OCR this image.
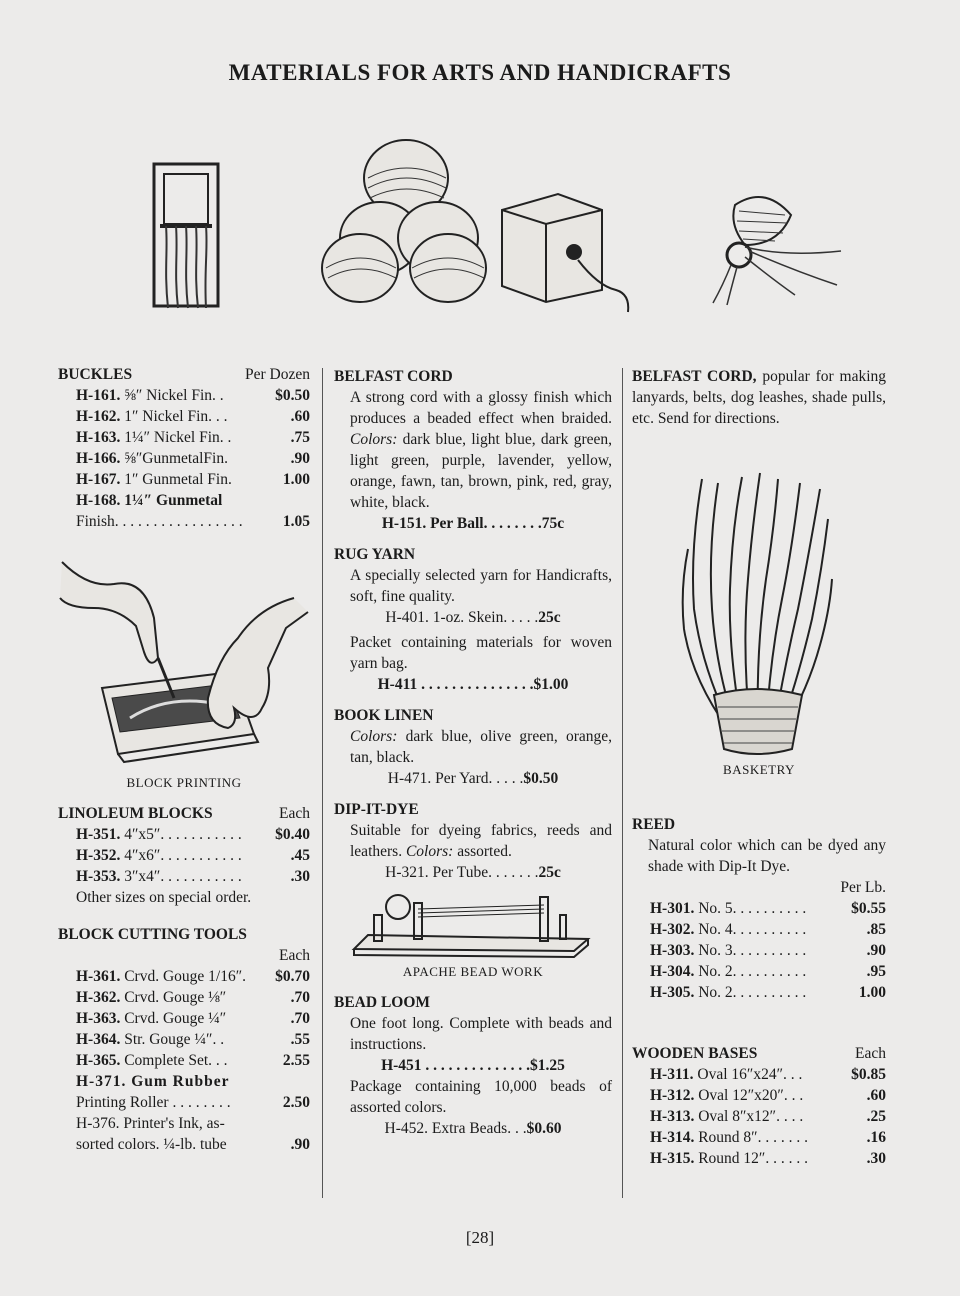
MATERIALS FOR ARTS AND HANDICRAFTS
BUCKLES	Per Dozen
H-161. ⅝″ Nickel Fin. .	$0.50
H-162. 1″ Nickel Fin. . .	.60
H-163. 1¼″ Nickel Fin. .	.75
H-166. ⅝″GunmetalFin.	.90
H-167. 1″ Gunmetal Fin.	1.00
H-168. 1¼″ Gunmetal
Finish. . . . . . . . . . . . . . . . .	1.05
BLOCK PRINTING
LINOLEUM BLOCKS	Each
H-351. 4″x5″. . . . . . . . . . . $0.40
H-352. 4″x6″. . . . . . . . . . .	.45
H-353. 3″x4″. . . . . . . . . . .	.30
Other sizes on special order.
BLOCK CUTTING TOOLS
Each
H-361. Crvd. Gouge 1/16″. $0.70
H-362. Crvd. Gouge ⅛″	.70
H-363. Crvd. Gouge ¼″	.70
H-364. Str. Gouge ¼″. .	.55
H-365. Complete Set. . .	2.55
H-371. Gum Rubber
Printing Roller . . . . . . . .	2.50
H-376. Printer's Ink, as-
sorted colors. ¼-lb. tube	.90
BELFAST CORD
A strong cord with a glossy finish which produces a beaded effect when braided. Colors: dark blue, light blue, dark green, light green, purple, lavender, yellow, orange, fawn, tan, brown, pink, red, gray, white, black.
H-151. Per Ball. . . . . . . .75c
RUG YARN
A specially selected yarn for Handicrafts, soft, fine quality.
H-401. 1-oz. Skein. . . . .25c
Packet containing materials for woven yarn bag.
H-411 . . . . . . . . . . . . . . .$1.00
BOOK LINEN
Colors: dark blue, olive green, orange, tan, black.
H-471. Per Yard. . . . .$0.50
DIP-IT-DYE
Suitable for dyeing fabrics, reeds and leathers. Colors: assorted.
H-321. Per Tube. . . . . . .25c
APACHE BEAD WORK
BEAD LOOM
One foot long. Complete with beads and instructions.
H-451 . . . . . . . . . . . . . .$1.25
Package containing 10,000 beads of assorted colors.
H-452. Extra Beads. . .$0.60
BELFAST CORD, popular for making lanyards, belts, dog leashes, shade pulls, etc. Send for directions.
BASKETRY
REED
Natural color which can be dyed any shade with Dip-It Dye.
Per Lb.
H-301. No. 5. . . . . . . . . .	$0.55
H-302. No. 4. . . . . . . . . .	.85
H-303. No. 3. . . . . . . . . .	.90
H-304. No. 2. . . . . . . . . .	.95
H-305. No. 2. . . . . . . . . .	1.00
WOODEN BASES	Each
H-311. Oval 16″x24″. . .	$0.85
H-312. Oval 12″x20″. . .	.60
H-313. Oval 8″x12″. . . .	.25
H-314. Round 8″. . . . . . .	.16
H-315. Round 12″. . . . . .	.30
[28]
